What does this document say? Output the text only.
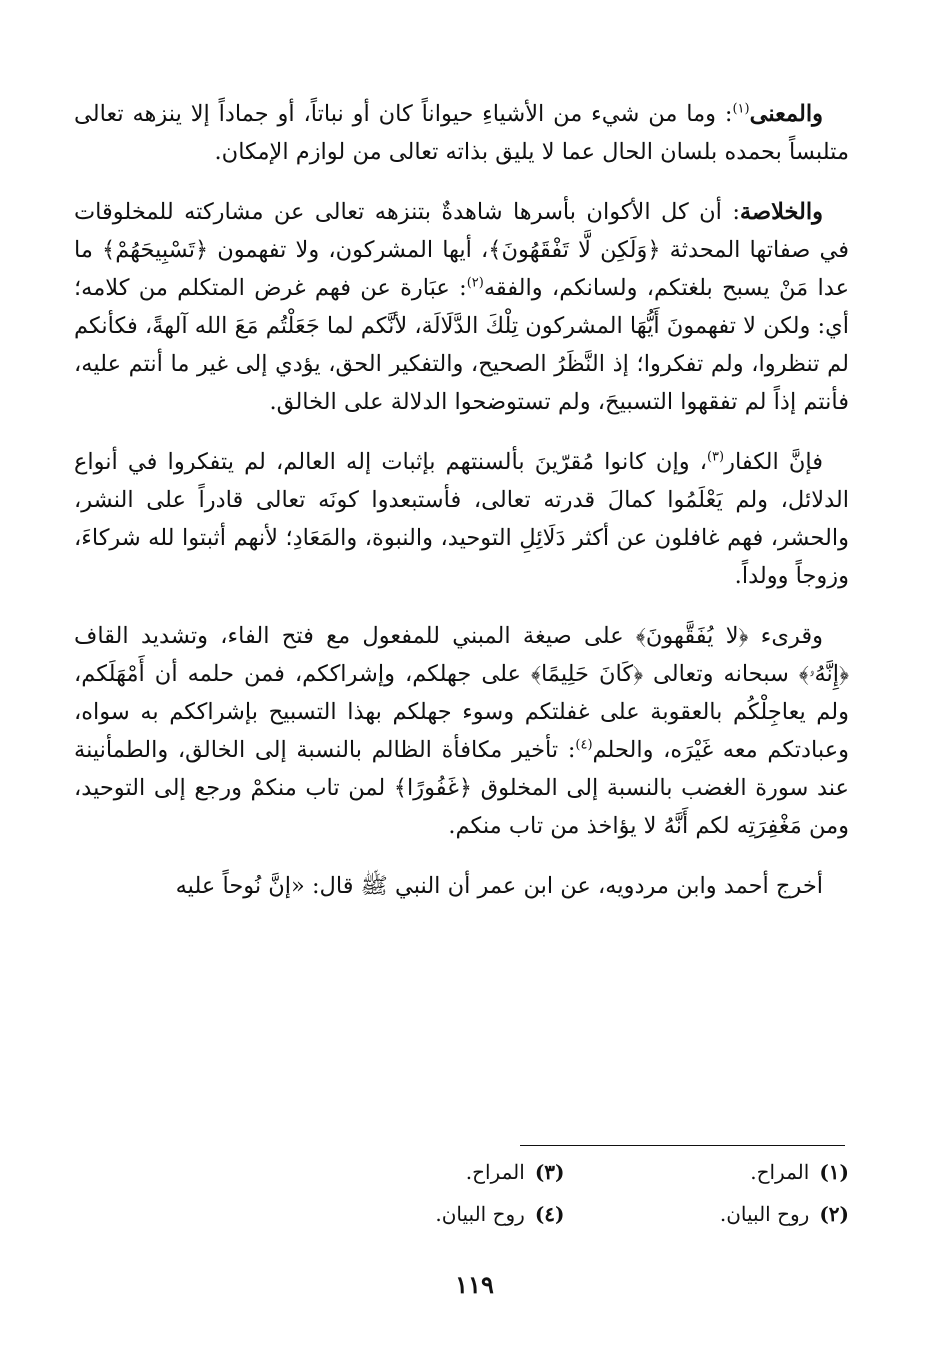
والمعنى$^{(١)}$: وما من شيء من الأشياءِ حيواناً كان أو نباتاً، أو جماداً إلا ينزهه تعالى متلبساً بحمده بلسان الحال عما لا يليق بذاته تعالى من لوازم الإمكان.

والخلاصة: أن كل الأكوان بأسرها شاهدةٌ بتنزهه تعالى عن مشاركته للمخلوقات في صفاتها المحدثة ﴿وَلَكِن لَّا تَفْقَهُونَ﴾، أيها المشركون، ولا تفهمون ﴿تَسْبِيحَهُمْ﴾ ما عدا مَنْ يسبح بلغتكم، ولسانكم، والفقه$^{(٢)}$: عبَارة عن فهم غرض المتكلم من كلامه؛ أي: ولكن لا تفهمونَ أَيُّهَا المشركون تِلْكَ الدَّلَالَة، لأنَّكم لما جَعَلْتُم مَعَ الله آلهةً، فكأنكم لم تنظروا، ولم تفكروا؛ إذ النَّظَرُ الصحيح، والتفكير الحق، يؤدي إلى غير ما أنتم عليه، فأنتم إذاً لم تفقهوا التسبيحَ، ولم تستوضحوا الدلالة على الخالق.

فإنَّ الكفار$^{(٣)}$، وإن كانوا مُقرّينَ بألسنتهم بإثبات إله العالم، لم يتفكروا في أنواع الدلائل، ولم يَعْلَمُوا كمالَ قدرته تعالى، فأستبعدوا كونَه تعالى قادراً على النشر، والحشر، فهم غافلون عن أكثر دَلَائِلِ التوحيد، والنبوة، والمَعَادِ؛ لأنهم أثبتوا لله شركاءَ، وزوجاً وولداً.

وقرىء ﴿لا يُفَقَّهونَ﴾ على صيغة المبني للمفعول مع فتح الفاء، وتشديد القاف ﴿إِنَّهُۥ﴾ سبحانه وتعالى ﴿كَانَ حَلِيمًا﴾ على جهلكم، وإشراككم، فمن حلمه أن أَمْهَلَكم، ولم يعاجِلْكُم بالعقوبة على غفلتكم وسوء جهلكم بهذا التسبيح بإشراككم به سواه، وعبادتكم معه غَيْرَه، والحلم$^{(٤)}$: تأخير مكافأة الظالم بالنسبة إلى الخالق، والطمأنينة عند سورة الغضب بالنسبة إلى المخلوق ﴿غَفُورًا﴾ لمن تاب منكمْ ورجع إلى التوحيد، ومن مَغْفِرَتِه لكم أَنَّهُ لا يؤاخذ من تاب منكم.

أخرج أحمد وابن مردويه، عن ابن عمر أن النبي ﷺ قال: «إنَّ نُوحاً عليه

(١)
المراح.
(٣)
المراح.
(٢)
روح البيان.
(٤)
روح البيان.
١١٩
